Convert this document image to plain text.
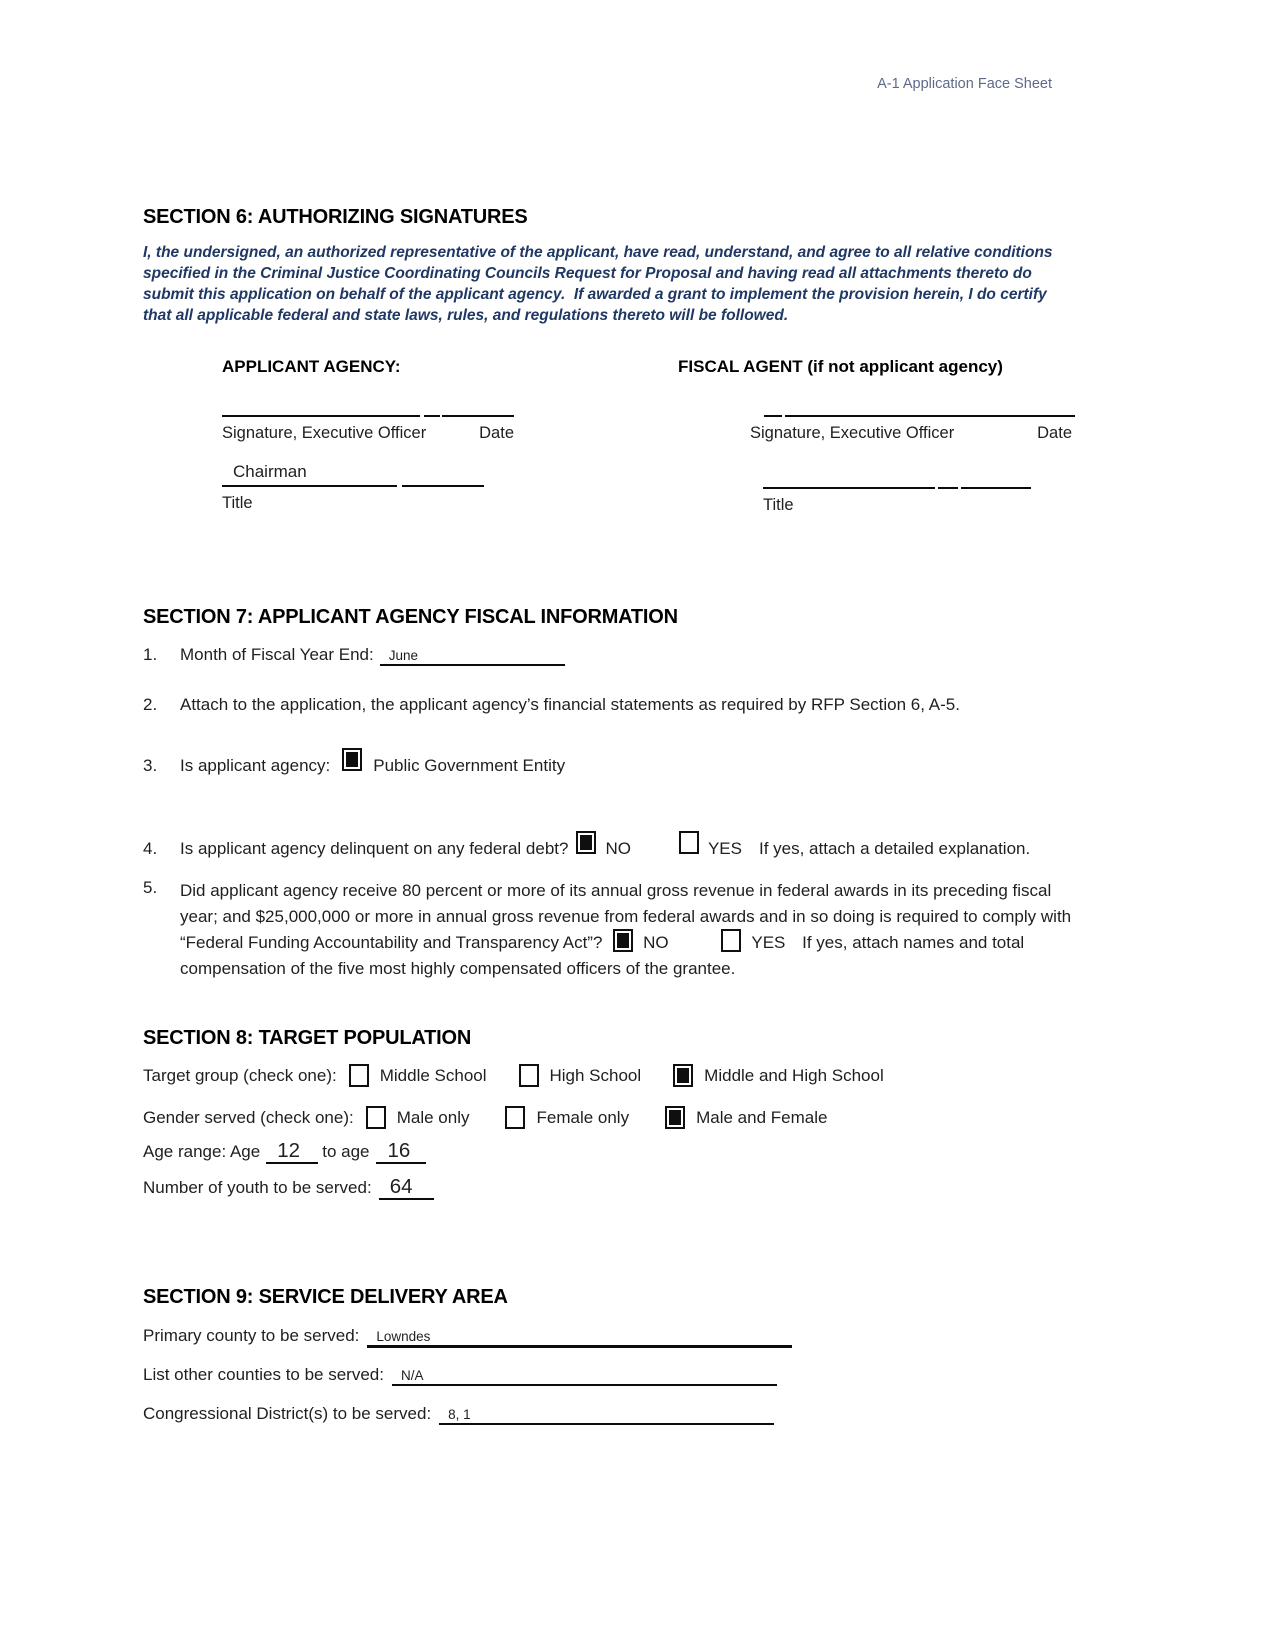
A-1 Application Face Sheet
SECTION 6: AUTHORIZING SIGNATURES
I, the undersigned, an authorized representative of the applicant, have read, understand, and agree to all relative conditions specified in the Criminal Justice Coordinating Councils Request for Proposal and having read all attachments thereto do submit this application on behalf of the applicant agency.  If awarded a grant to implement the provision herein, I do certify that all applicable federal and state laws, rules, and regulations thereto will be followed.
APPLICANT AGENCY:	FISCAL AGENT (if not applicant agency)
Signature, Executive Officer	Date
Chairman
Title
Signature, Executive Officer	Date
Title
SECTION 7: APPLICANT AGENCY FISCAL INFORMATION
1.	Month of Fiscal Year End:	June
2.	Attach to the application, the applicant agency’s financial statements as required by RFP Section 6, A-5.
3.	Is applicant agency:	Public Government Entity
4.	Is applicant agency delinquent on any federal debt? NO	YES If yes, attach a detailed explanation.
5. Did applicant agency receive 80 percent or more of its annual gross revenue in federal awards in its preceding fiscal year; and $25,000,000 or more in annual gross revenue from federal awards and in so doing is required to comply with “Federal Funding Accountability and Transparency Act”? NO	YES If yes, attach names and total compensation of the five most highly compensated officers of the grantee.
SECTION 8: TARGET POPULATION
Target group (check one):	Middle School	High School	Middle and High School
Gender served (check one):	Male only	Female only	Male and Female
Age range: Age 12	to age 16
Number of youth to be served: 64
SECTION 9: SERVICE DELIVERY AREA
Primary county to be served:	Lowndes
List other counties to be served:	N/A
Congressional District(s) to be served:	8, 1
